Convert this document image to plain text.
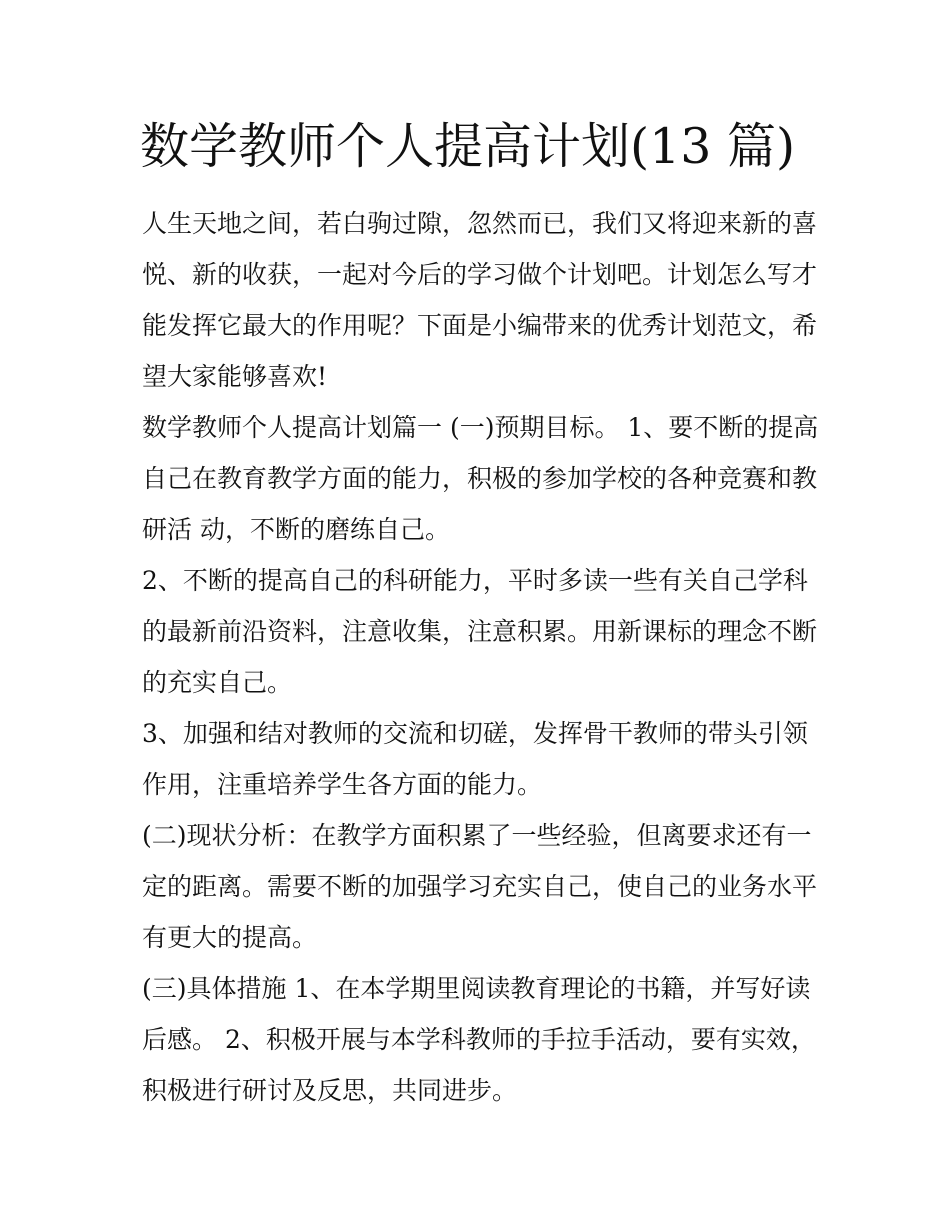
数学教师个人提高计划(13 篇)
人生天地之间，若白驹过隙，忽然而已，我们又将迎来新的喜
悦、新的收获，一起对今后的学习做个计划吧。计划怎么写才
能发挥它最大的作用呢？下面是小编带来的优秀计划范文，希
望大家能够喜欢!
数学教师个人提高计划篇一 (一)预期目标。 1、要不断的提高
自己在教育教学方面的能力，积极的参加学校的各种竞赛和教
研活 动，不断的磨练自己。
2、不断的提高自己的科研能力，平时多读一些有关自己学科
的最新前沿资料，注意收集，注意积累。用新课标的理念不断
的充实自己。
3、加强和结对教师的交流和切磋，发挥骨干教师的带头引领
作用，注重培养学生各方面的能力。
(二)现状分析：在教学方面积累了一些经验，但离要求还有一
定的距离。需要不断的加强学习充实自己，使自己的业务水平
有更大的提高。
(三)具体措施 1、在本学期里阅读教育理论的书籍，并写好读
后感。 2、积极开展与本学科教师的手拉手活动，要有实效，
积极进行研讨及反思，共同进步。
